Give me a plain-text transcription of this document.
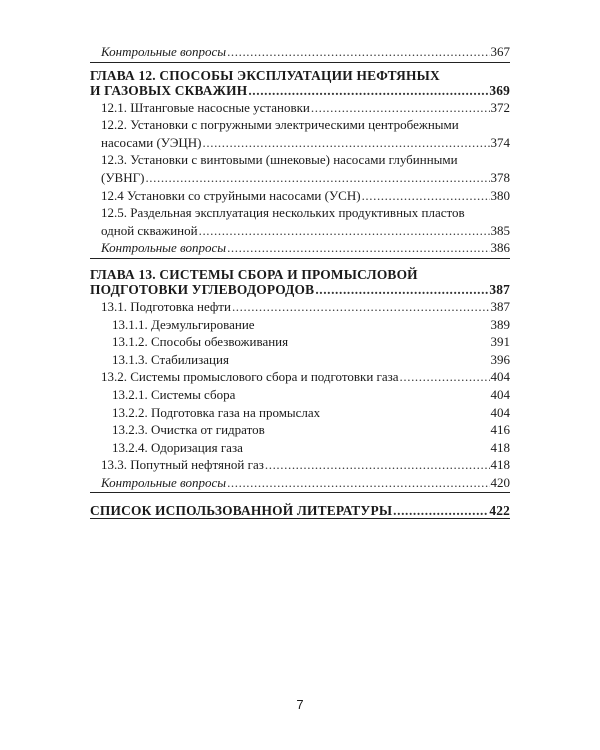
Контрольные вопросы .....	367
ГЛАВА 12. СПОСОБЫ ЭКСПЛУАТАЦИИ НЕФТЯНЫХ
И ГАЗОВЫХ СКВАЖИН .....	369
12.1. Штанговые насосные установки .....	372
12.2. Установки с погружными электрическими центробежными
насосами (УЭЦН) .....	374
12.3. Установки с винтовыми (шнековые) насосами глубинными
(УВНГ) .....	378
12.4 Установки со струйными насосами (УСН) .....	380
12.5. Раздельная эксплуатация нескольких продуктивных пластов
одной скважиной .....	385
Контрольные вопросы .....	386
ГЛАВА 13. СИСТЕМЫ СБОРА И ПРОМЫСЛОВОЙ
ПОДГОТОВКИ УГЛЕВОДОРОДОВ .....	387
13.1. Подготовка нефти .....	387
13.1.1. Деэмульгирование	389
13.1.2. Способы обезвоживания	391
13.1.3. Стабилизация	396
13.2. Системы промыслового сбора и подготовки газа .....	404
13.2.1. Системы сбора	404
13.2.2. Подготовка газа на промыслах	404
13.2.3. Очистка от гидратов	416
13.2.4. Одоризация газа	418
13.3. Попутный нефтяной газ .....	418
Контрольные вопросы .....	420
СПИСОК ИСПОЛЬЗОВАННОЙ ЛИТЕРАТУРЫ .....	422
7
